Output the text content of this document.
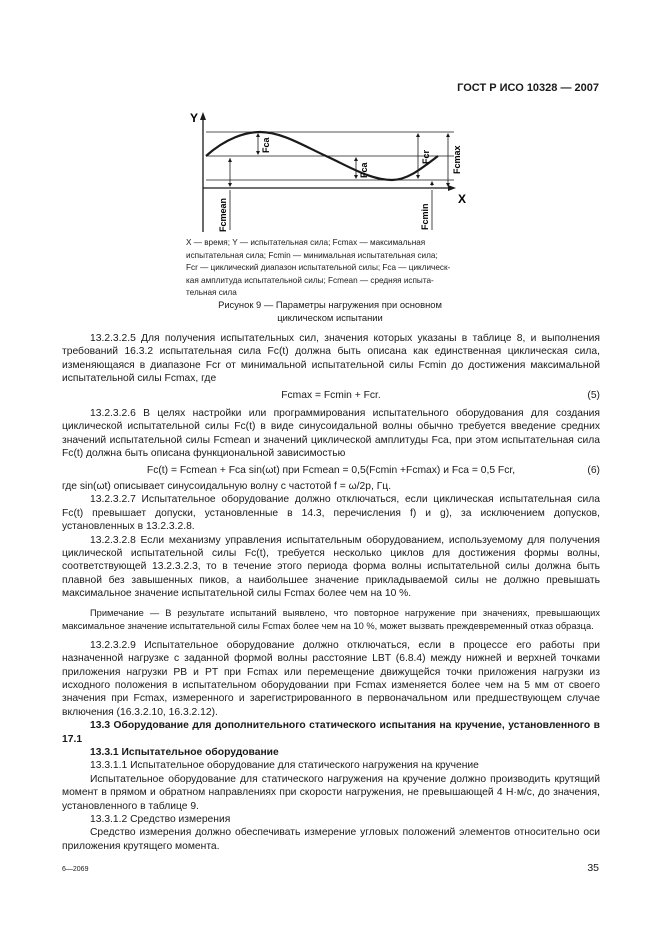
ГОСТ Р ИСО 10328 — 2007
Y
X
Fca
Fca
Fcr Fcmax
Fcmean	Fcmin

X — время; Y — испытательная сила; Fcmax — максимальная

испытательная сила; Fcmin — минимальная испытательная сила;

Fcr — циклический диапазон испытательной силы; Fca — циклическ-

кая амплитуда испытательной силы; Fcmean — средняя испыта-

тельная сила

Рисунок 9 — Параметры нагружения при основном

циклическом испытании

13.2.3.2.5 Для получения испытательных сил, значения которых указаны в таблице 8, и выполнения требований 16.3.2 испытательная сила Fc(t) должна быть описана как единственная циклическая сила, изменяющаяся в диапазоне Fcr от минимальной испытательной силы Fcmin до достижения максимальной испытательной силы Fcmax, где

Fcmax = Fcmin + Fcr.	(5)

13.2.3.2.6 В целях настройки или программирования испытательного оборудования для создания циклической испытательной силы Fc(t) в виде синусоидальной волны обычно требуется введение средних значений испытательной силы Fcmean и значений циклической амплитуды Fca, при этом испытательная сила Fc(t) должна быть описана функциональной зависимостью

Fc(t) = Fcmean + Fca sin(ωt) при Fcmean = 0,5(Fcmin +Fcmax) и Fca = 0,5 Fcr,	(6)

где sin(ωt) описывает синусоидальную волну с частотой f = ω/2p, Гц.

13.2.3.2.7 Испытательное оборудование должно отключаться, если циклическая испытательная сила Fc(t) превышает допуски, установленные в 14.3, перечисления f) и g), за исключением допусков, установленных в 13.2.3.2.8.

13.2.3.2.8 Если механизму управления испытательным оборудованием, используемому для получения циклической испытательной силы Fc(t), требуется несколько циклов для достижения формы волны, соответствующей 13.2.3.2.3, то в течение этого периода форма волны испытательной силы должна быть плавной без завышенных пиков, а наибольшее значение прикладываемой силы не должно превышать максимальное значение испытательной силы Fcmax более чем на 10 %.

Примечание — В результате испытаний выявлено, что повторное нагружение при значениях, превышающих максимальное значение испытательной силы Fcmax более чем на 10 %, может вызвать преждевременный отказ образца.

13.2.3.2.9 Испытательное оборудование должно отключаться, если в процессе его работы при назначенной нагрузке с заданной формой волны расстояние LBT (6.8.4) между нижней и верхней точками приложения нагрузки PB и PT при Fcmax или перемещение движущейся точки приложения нагрузки из исходного положения в испытательном оборудовании при Fcmax изменяется более чем на 5 мм от своего значения при Fcmax, измеренного и зарегистрированного в первоначальном или предшествующем случае включения (16.3.2.10, 16.3.2.12).

13.3 Оборудование для дополнительного статического испытания на кручение, установленного в 17.1

13.3.1 Испытательное оборудование

13.3.1.1 Испытательное оборудование для статического нагружения на кручение

Испытательное оборудование для статического нагружения на кручение должно производить крутящий момент в прямом и обратном направлениях при скорости нагружения, не превышающей 4 Н·м/с, до значения, установленного в таблице 9.

13.3.1.2 Средство измерения

Средство измерения должно обеспечивать измерение угловых положений элементов относительно оси приложения крутящего момента.

6—2069	35
